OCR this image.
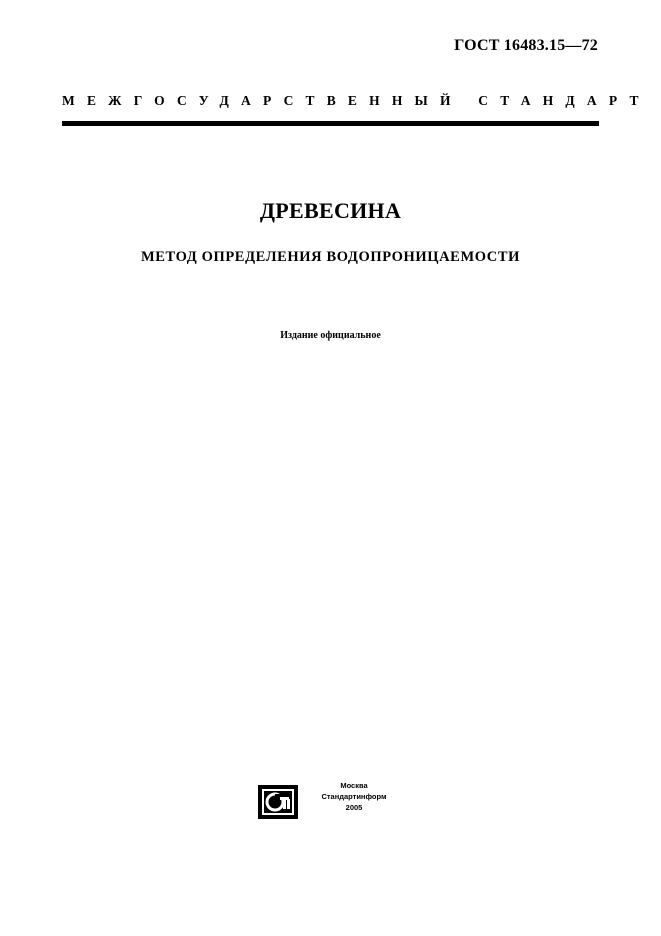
ГОСТ 16483.15—72
МЕЖГОСУДАРСТВЕННЫЙ СТАНДАРТ
ДРЕВЕСИНА
МЕТОД ОПРЕДЕЛЕНИЯ ВОДОПРОНИЦАЕМОСТИ
Издание официальное
Москва
Стандартинформ
2005
